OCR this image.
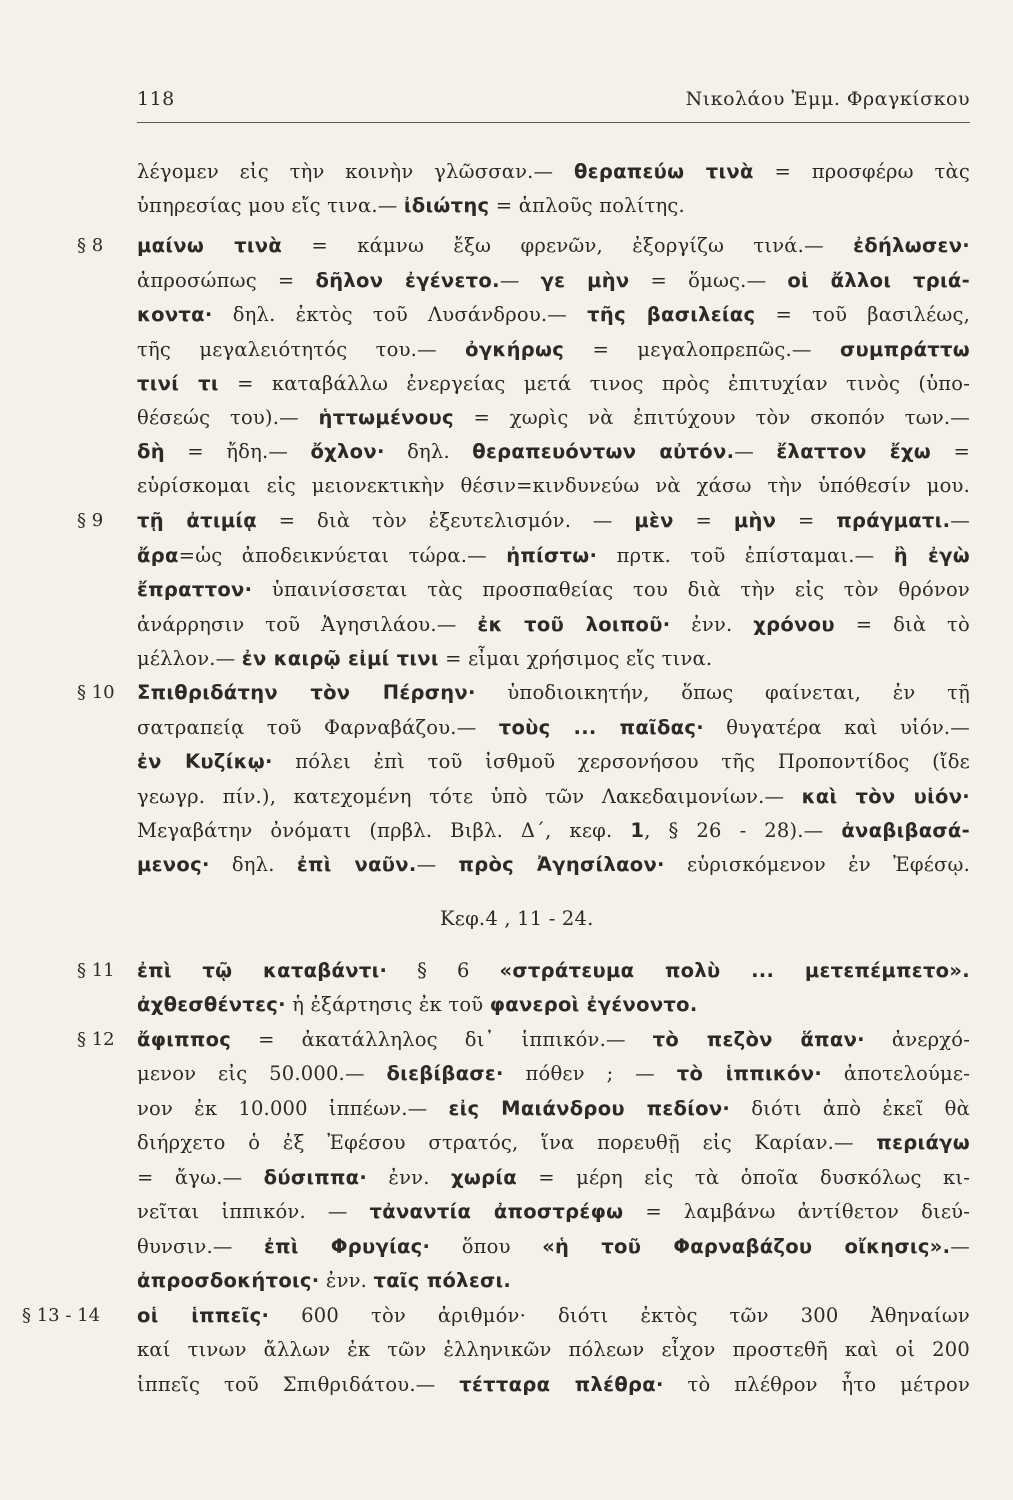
118	Νικολάου Ἐμμ. Φραγκίσκου
§ 8
§ 9
§ 10
§ 11
§ 12
§ 13 - 14
λέγομεν εἰς τὴν κοινὴν γλῶσσαν.— θεραπεύω τινὰ = προσφέρω τὰς
ὑπηρεσίας μου εἴς τινα.— ἰδιώτης = ἁπλοῦς πολίτης.
μαίνω τινὰ = κάμνω ἔξω φρενῶν, ἐξοργίζω τινά.— ἐδήλωσεν·
ἀπροσώπως = δῆλον ἐγένετο.— γε μὴν = ὅμως.— οἱ ἄλλοι τριά-
κοντα· δηλ. ἐκτὸς τοῦ Λυσάνδρου.— τῆς βασιλείας = τοῦ βασιλέως,
τῆς μεγαλειότητός του.— ὀγκήρως = μεγαλοπρεπῶς.— συμπράττω
τινί τι = καταβάλλω ἐνεργείας μετά τινος πρὸς ἐπιτυχίαν τινὸς (ὑπο-
θέσεώς του).— ἡττωμένους = χωρὶς νὰ ἐπιτύχουν τὸν σκοπόν των.—
δὴ = ἤδη.— ὄχλον· δηλ. θεραπευόντων αὐτόν.— ἔλαττον ἔχω =
εὑρίσκομαι εἰς μειονεκτικὴν θέσιν=κινδυνεύω νὰ χάσω τὴν ὑπόθεσίν μου.
τῇ ἀτιμίᾳ = διὰ τὸν ἐξευτελισμόν. — μὲν = μὴν = πράγματι.—
ἄρα=ὡς ἀποδεικνύεται τώρα.— ἠπίστω· πρτκ. τοῦ ἐπίσταμαι.— ἢ ἐγὼ
ἔπραττον· ὑπαινίσσεται τὰς προσπαθείας του διὰ τὴν εἰς τὸν θρόνον
ἀνάρρησιν τοῦ Ἀγησιλάου.— ἐκ τοῦ λοιποῦ· ἐνν. χρόνου = διὰ τὸ
μέλλον.— ἐν καιρῷ εἰμί τινι = εἶμαι χρήσιμος εἴς τινα.
Σπιθριδάτην τὸν Πέρσην· ὑποδιοικητήν, ὅπως φαίνεται, ἐν τῇ
σατραπείᾳ τοῦ Φαρναβάζου.— τοὺς ... παῖδας· θυγατέρα καὶ υἱόν.—
ἐν Κυζίκῳ· πόλει ἐπὶ τοῦ ἰσθμοῦ χερσονήσου τῆς Προποντίδος (ἴδε
γεωγρ. πίν.), κατεχομένη τότε ὑπὸ τῶν Λακεδαιμονίων.— καὶ τὸν υἱόν·
Μεγαβάτην ὀνόματι (πρβλ. Βιβλ. Δ΄, κεφ. 1, § 26 - 28).— ἀναβιβασά-
μενος· δηλ. ἐπὶ ναῦν.— πρὸς Ἀγησίλαον· εὑρισκόμενον ἐν Ἐφέσῳ.
Κεφ.4 , 11 - 24.
ἐπὶ τῷ καταβάντι· § 6 «στράτευμα πολὺ ... μετεπέμπετο».
ἀχθεσθέντες· ἡ ἐξάρτησις ἐκ τοῦ φανεροὶ ἐγένοντο.
ἄφιππος = ἀκατάλληλος δι᾽ ἱππικόν.— τὸ πεζὸν ἅπαν· ἀνερχό-
μενον εἰς 50.000.— διεβίβασε· πόθεν ; — τὸ ἱππικόν· ἀποτελούμε-
νον ἐκ 10.000 ἱππέων.— εἰς Μαιάνδρου πεδίον· διότι ἀπὸ ἐκεῖ θὰ
διήρχετο ὁ ἐξ Ἐφέσου στρατός, ἵνα πορευθῇ εἰς Καρίαν.— περιάγω
= ἄγω.— δύσιππα· ἐνν. χωρία = μέρη εἰς τὰ ὁποῖα δυσκόλως κι-
νεῖται ἱππικόν. — τἀναντία ἀποστρέφω = λαμβάνω ἀντίθετον διεύ-
θυνσιν.— ἐπὶ Φρυγίας· ὅπου «ἡ τοῦ Φαρναβάζου οἴκησις».—
ἀπροσδοκήτοις· ἐνν. ταῖς πόλεσι.
οἱ ἱππεῖς· 600 τὸν ἀριθμόν· διότι ἐκτὸς τῶν 300 Ἀθηναίων
καί τινων ἄλλων ἐκ τῶν ἑλληνικῶν πόλεων εἶχον προστεθῆ καὶ οἱ 200
ἱππεῖς τοῦ Σπιθριδάτου.— τέτταρα πλέθρα· τὸ πλέθρον ἦτο μέτρον
